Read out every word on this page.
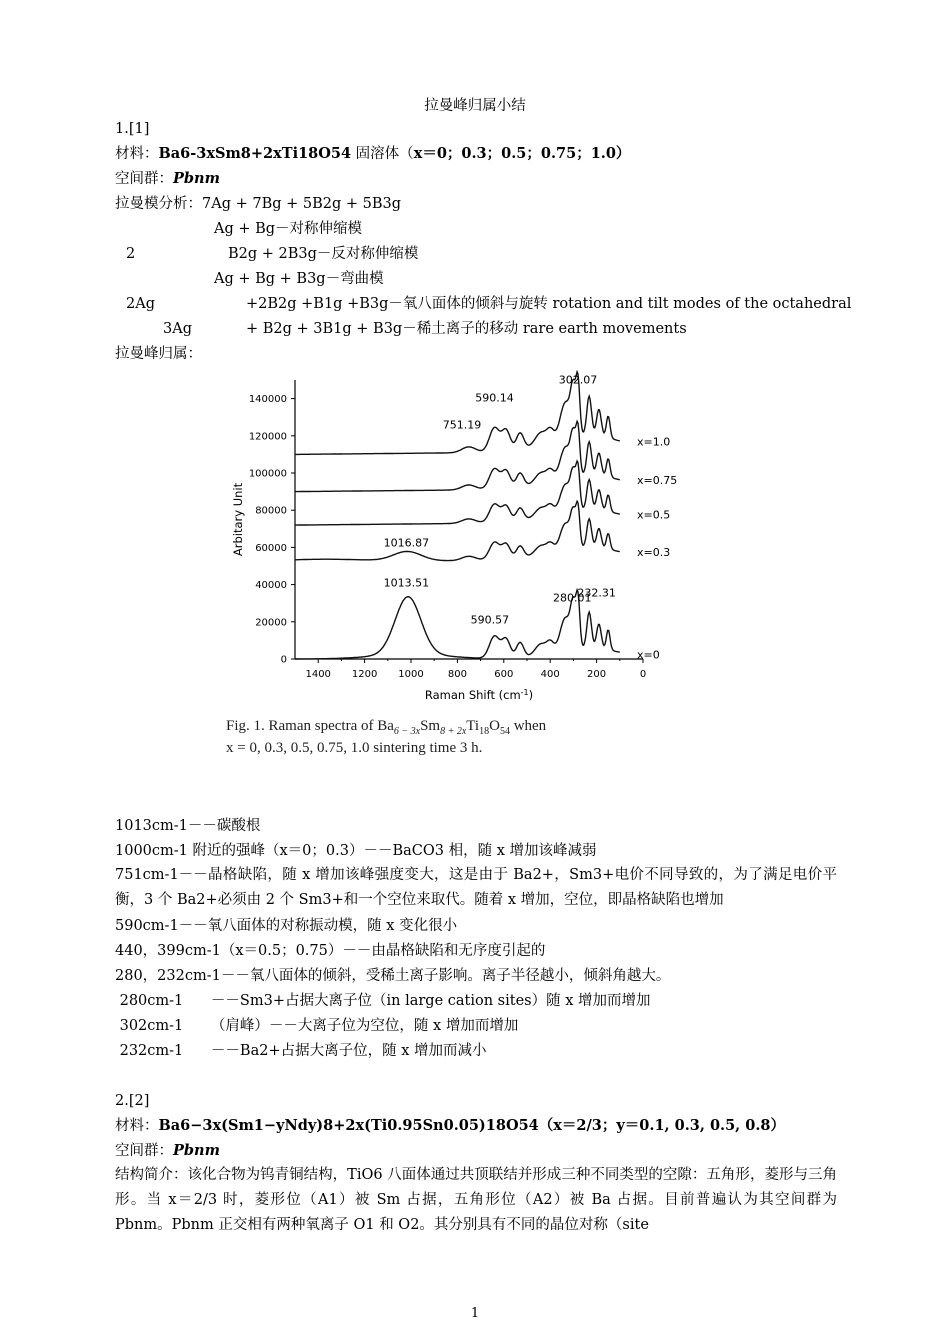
拉曼峰归属小结
1.[1]
材料：Ba6-3xSm8+2xTi18O54 固溶体（x＝0；0.3；0.5；0.75；1.0）
空间群：Pbnm
拉曼模分析：7Ag + 7Bg + 5B2g + 5B3g
Ag + Bg－对称伸缩模
2	B2g + 2B3g－反对称伸缩模
Ag + Bg + B3g－弯曲模
2Ag	+2B2g +B1g +B3g－氧八面体的倾斜与旋转 rotation and tilt modes of the octahedral
3Ag	+ B2g + 3B1g + B3g－稀土离子的移动 rare earth movements
拉曼峰归属：
1400 1200 1000 800	600	400	200	0
0
20000
40000
60000
80000
100000
120000
140000
Raman Shift $(cm^{-1})$
Arbitary Unit
x=0
x=0.3
x=0.5
x=0.75
x=1.0
302.07
590.14
751.19
1016.87
1013.51
280.01
232.31
590.57
Fig. 1. Raman spectra of $Ba_{6 - 3x}Sm_{8 + 2x}Ti_{18}O_{54}$ when
x = 0, 0.3, 0.5, 0.75, 1.0 sintering time 3 h.
1013cm-1－－碳酸根
1000cm-1 附近的强峰（x＝0；0.3）－－BaCO3 相，随 x 增加该峰减弱
751cm-1－－晶格缺陷，随 x 增加该峰强度变大，这是由于 Ba2+，Sm3+电价不同导致的，为了满足电价平衡，3 个 Ba2+必须由 2 个 Sm3+和一个空位来取代。随着 x 增加，空位，即晶格缺陷也增加
590cm-1－－氧八面体的对称振动模，随 x 变化很小
440，399cm-1（x＝0.5；0.75）－－由晶格缺陷和无序度引起的
280，232cm-1－－氧八面体的倾斜，受稀土离子影响。离子半径越小，倾斜角越大。
280cm-1      －－Sm3+占据大离子位（in large cation sites）随 x 增加而增加
302cm-1      （肩峰）－－大离子位为空位，随 x 增加而增加
232cm-1      －－Ba2+占据大离子位，随 x 增加而减小
2.[2]
材料：Ba6−3x(Sm1−yNdy)8+2x(Ti0.95Sn0.05)18O54（x＝2/3；y＝0.1, 0.3, 0.5, 0.8）
空间群：Pbnm
结构简介：该化合物为钨青铜结构，TiO6 八面体通过共顶联结并形成三种不同类型的空隙：五角形，菱形与三角形。当 x＝2/3 时，菱形位（A1）被 Sm 占据，五角形位（A2）被 Ba 占据。目前普遍认为其空间群为 Pbnm。Pbnm 正交相有两种氧离子 O1 和 O2。其分别具有不同的晶位对称（site
1
